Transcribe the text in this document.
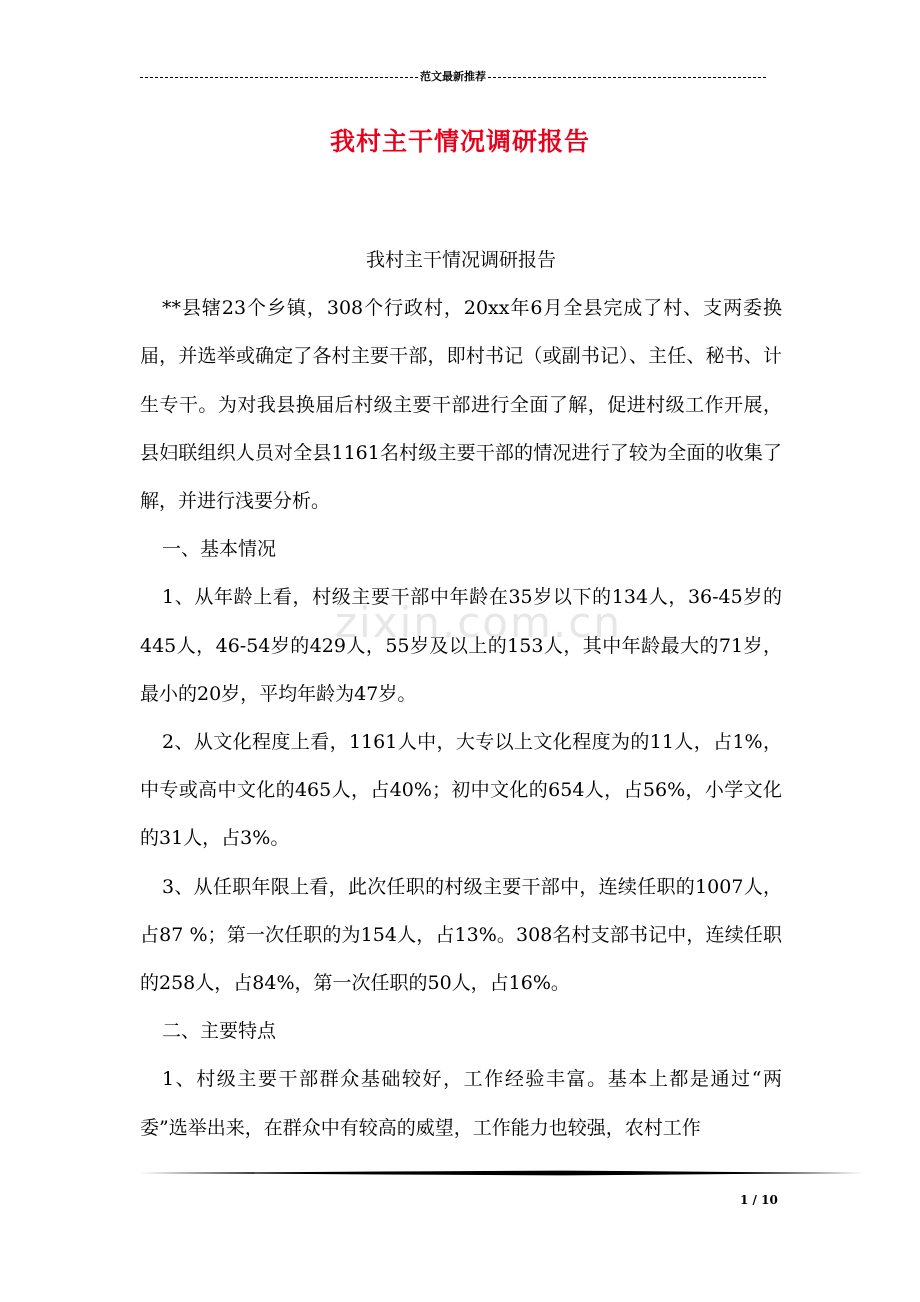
范文最新推荐
我村主干情况调研报告
zixin.com.cn

我村主干情况调研报告

**县辖23个乡镇，308个行政村，20xx年6月全县完成了村、支两委换届，并选举或确定了各村主要干部，即村书记（或副书记）、主任、秘书、计生专干。为对我县换届后村级主要干部进行全面了解，促进村级工作开展，县妇联组织人员对全县1161名村级主要干部的情况进行了较为全面的收集了解，并进行浅要分析。

一、基本情况

1、从年龄上看，村级主要干部中年龄在35岁以下的134人，36-45岁的445人，46-54岁的429人，55岁及以上的153人，其中年龄最大的71岁，最小的20岁，平均年龄为47岁。

2、从文化程度上看，1161人中，大专以上文化程度为的11人，占1%，中专或高中文化的465人，占40%；初中文化的654人，占56%，小学文化的31人，占3%。

3、从任职年限上看，此次任职的村级主要干部中，连续任职的1007人，占87 %；第一次任职的为154人，占13%。308名村支部书记中，连续任职的258人，占84%，第一次任职的50人，占16%。

二、主要特点

1、村级主要干部群众基础较好，工作经验丰富。基本上都是通过“两委”选举出来，在群众中有较高的威望，工作能力也较强，农村工作

1 / 10
